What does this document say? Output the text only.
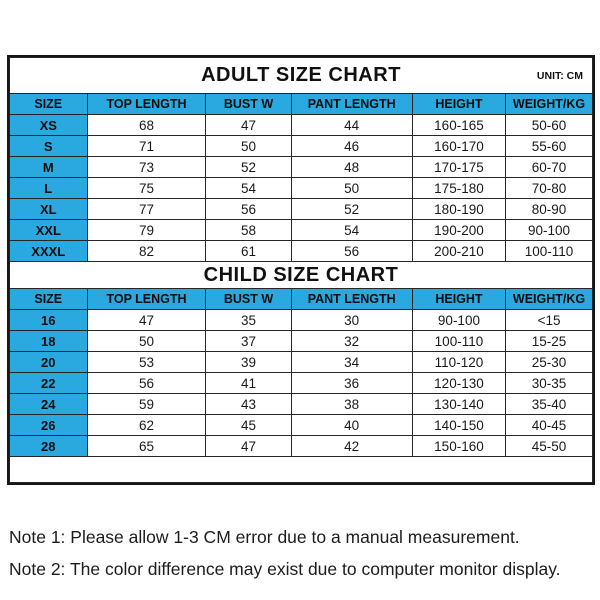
ADULT SIZE CHART UNIT: CM					

SIZE	TOP LENGTH	BUST W	PANT LENGTH	HEIGHT	WEIGHT/KG
XS	68	47	44	160-165	50-60
S	71	50	46	160-170	55-60
M	73	52	48	170-175	60-70
L	75	54	50	175-180	70-80
XL	77	56	52	180-190	80-90
XXL	79	58	54	190-200	90-100
XXXL	82	61	56	200-210	100-110
CHILD SIZE CHART					
SIZE	TOP LENGTH	BUST W	PANT LENGTH	HEIGHT	WEIGHT/KG
16	47	35	30	90-100	<15
18	50	37	32	100-110	15-25
20	53	39	34	110-120	25-30
22	56	41	36	120-130	30-35
24	59	43	38	130-140	35-40
26	62	45	40	140-150	40-45
28	65	47	42	150-160	45-50

Note 1: Please allow 1-3 CM error due to a manual measurement.
Note 2: The color difference may exist due to computer monitor display.
